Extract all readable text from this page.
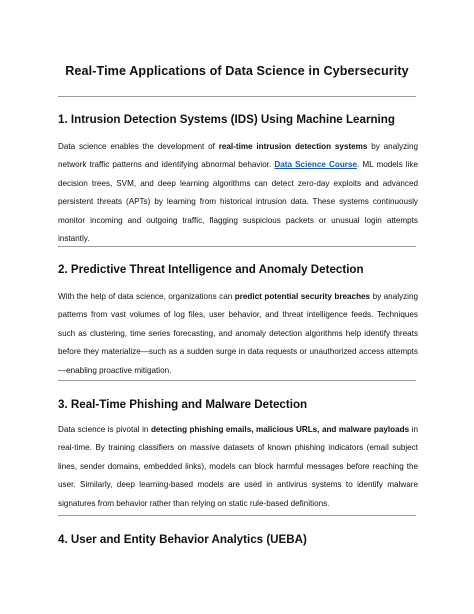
Real-Time Applications of Data Science in Cybersecurity
1. Intrusion Detection Systems (IDS) Using Machine Learning

Data science enables the development of real-time intrusion detection systems by analyzing network traffic patterns and identifying abnormal behavior. Data Science Course. ML models like decision trees, SVM, and deep learning algorithms can detect zero-day exploits and advanced persistent threats (APTs) by learning from historical intrusion data. These systems continuously monitor incoming and outgoing traffic, flagging suspicious packets or unusual login attempts instantly.

2. Predictive Threat Intelligence and Anomaly Detection

With the help of data science, organizations can predict potential security breaches by analyzing patterns from vast volumes of log files, user behavior, and threat intelligence feeds. Techniques such as clustering, time series forecasting, and anomaly detection algorithms help identify threats before they materialize—such as a sudden surge in data requests or unauthorized access attempts—enabling proactive mitigation.

3. Real-Time Phishing and Malware Detection

Data science is pivotal in detecting phishing emails, malicious URLs, and malware payloads in real-time. By training classifiers on massive datasets of known phishing indicators (email subject lines, sender domains, embedded links), models can block harmful messages before reaching the user. Similarly, deep learning-based models are used in antivirus systems to identify malware signatures from behavior rather than relying on static rule-based definitions.

4. User and Entity Behavior Analytics (UEBA)
